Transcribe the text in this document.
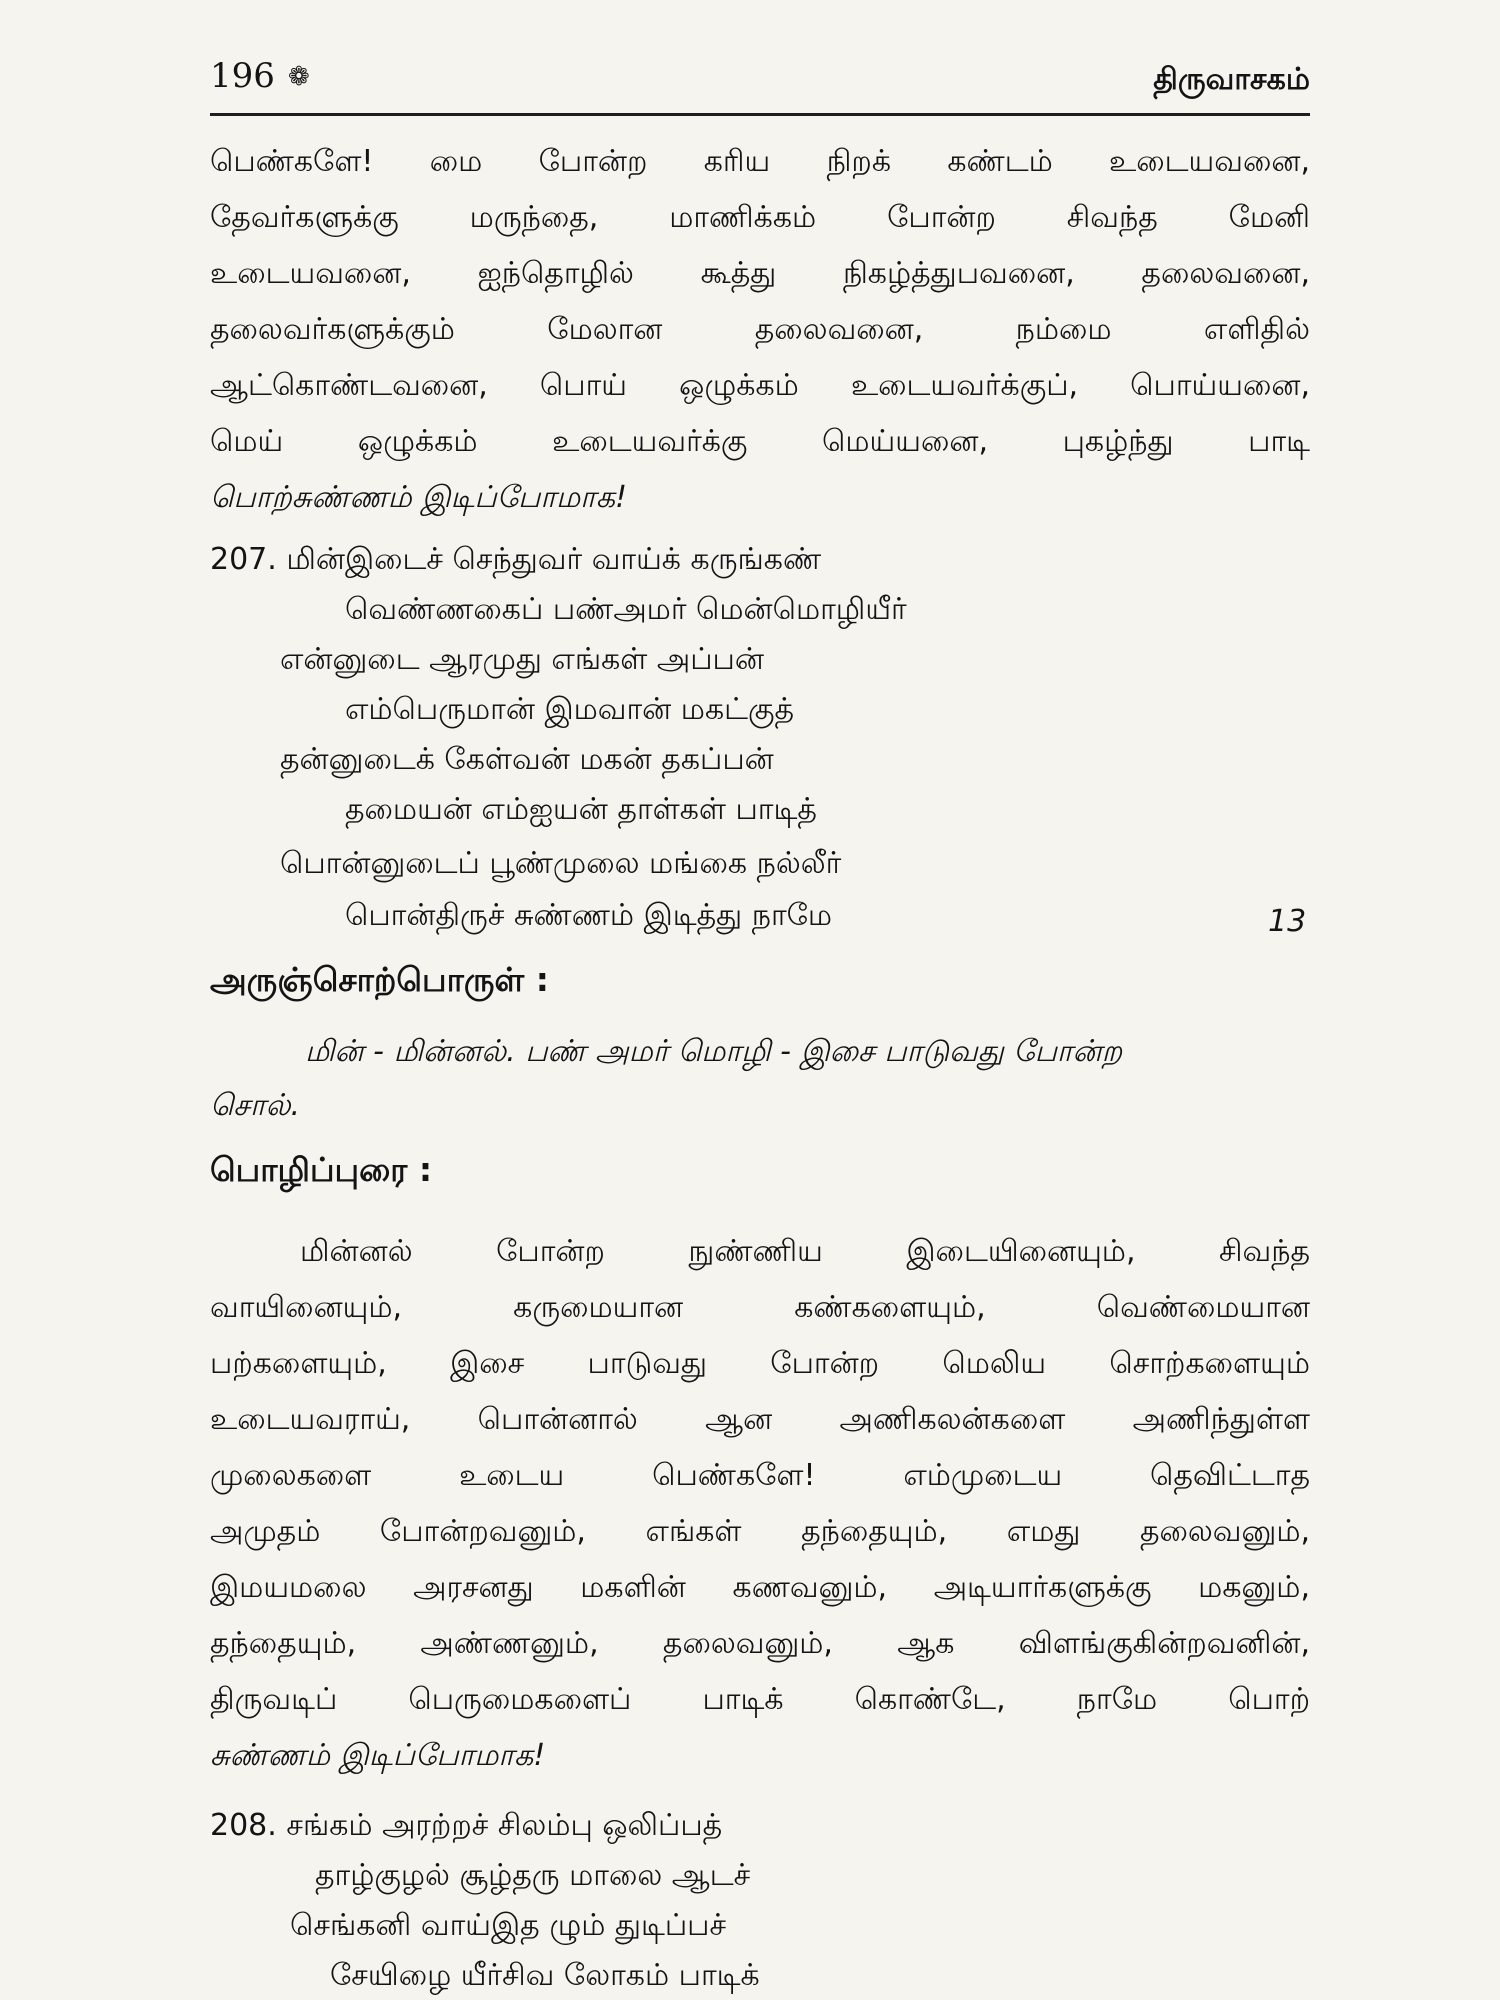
196 ❁	திருவாசகம்
பெண்களே! மை போன்ற கரிய நிறக் கண்டம் உடையவனை,
தேவர்களுக்கு மருந்தை, மாணிக்கம் போன்ற சிவந்த மேனி
உடையவனை, ஐந்தொழில் கூத்து நிகழ்த்துபவனை, தலைவனை,
தலைவர்களுக்கும் மேலான தலைவனை, நம்மை எளிதில்
ஆட்கொண்டவனை, பொய் ஒழுக்கம் உடையவர்க்குப், பொய்யனை,
மெய் ஒழுக்கம் உடையவர்க்கு மெய்யனை, புகழ்ந்து பாடி
பொற்சுண்ணம் இடிப்போமாக!
207. மின்இடைச் செந்துவர் வாய்க் கருங்கண்
வெண்ணகைப் பண்அமர் மென்மொழியீர்
என்னுடை ஆரமுது எங்கள் அப்பன்
எம்பெருமான் இமவான் மகட்குத்
தன்னுடைக் கேள்வன் மகன் தகப்பன்
தமையன் எம்ஐயன் தாள்கள் பாடித்
பொன்னுடைப் பூண்முலை மங்கை நல்லீர்
பொன்திருச் சுண்ணம் இடித்து நாமே	13
அருஞ்சொற்பொருள் :
மின் - மின்னல். பண் அமர் மொழி - இசை பாடுவது போன்ற
சொல்.
பொழிப்புரை :
மின்னல் போன்ற நுண்ணிய இடையினையும், சிவந்த
வாயினையும், கருமையான கண்களையும், வெண்மையான
பற்களையும், இசை பாடுவது போன்ற மெலிய சொற்களையும்
உடையவராய், பொன்னால் ஆன அணிகலன்களை அணிந்துள்ள
முலைகளை உடைய பெண்களே! எம்முடைய தெவிட்டாத
அமுதம் போன்றவனும், எங்கள் தந்தையும், எமது தலைவனும்,
இமயமலை அரசனது மகளின் கணவனும், அடியார்களுக்கு மகனும்,
தந்தையும், அண்ணனும், தலைவனும், ஆக விளங்குகின்றவனின்,
திருவடிப் பெருமைகளைப் பாடிக் கொண்டே, நாமே பொற்
சுண்ணம் இடிப்போமாக!
208. சங்கம் அரற்றச் சிலம்பு ஒலிப்பத்
தாழ்குழல் சூழ்தரு மாலை ஆடச்
செங்கனி வாய்இத ழும் துடிப்பச்
சேயிழை யீர்சிவ லோகம் பாடிக்
